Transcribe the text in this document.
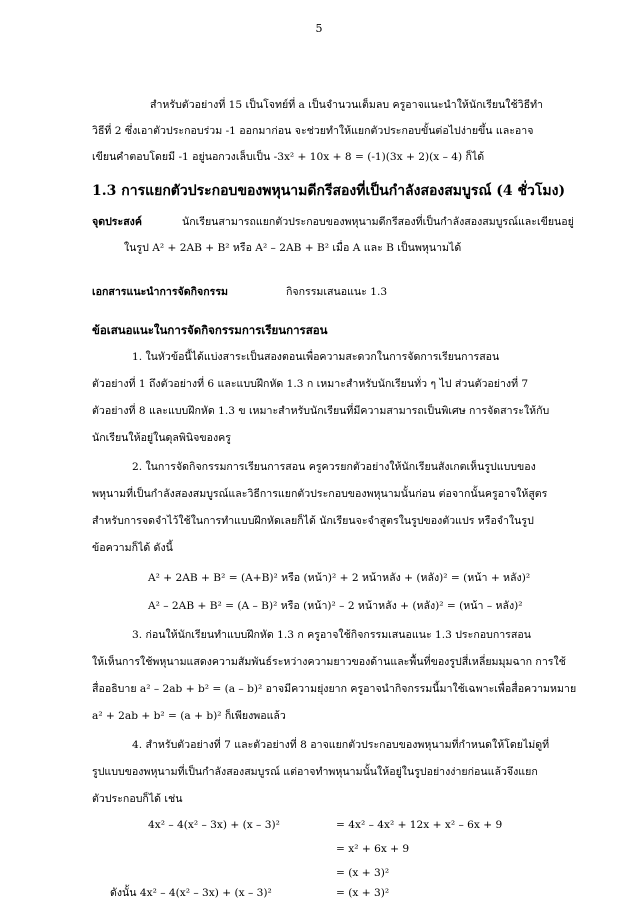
5
สำหรับตัวอย่างที่ 15 เป็นโจทย์ที่ a เป็นจำนวนเต็มลบ ครูอาจแนะนำให้นักเรียนใช้วิธีทำ
วิธีที่ 2 ซึ่งเอาตัวประกอบร่วม -1 ออกมาก่อน จะช่วยทำให้แยกตัวประกอบขั้นต่อไปง่ายขึ้น และอาจ
เขียนคำตอบโดยมี -1 อยู่นอกวงเล็บเป็น -3x² + 10x + 8 = (-1)(3x + 2)(x – 4) ก็ได้
1.3 การแยกตัวประกอบของพหุนามดีกรีสองที่เป็นกำลังสองสมบูรณ์ (4 ชั่วโมง)
จุดประสงค์	นักเรียนสามารถแยกตัวประกอบของพหุนามดีกรีสองที่เป็นกำลังสองสมบูรณ์และเขียนอยู่
ในรูป A² + 2AB + B² หรือ A² – 2AB + B² เมื่อ A และ B เป็นพหุนามได้
เอกสารแนะนำการจัดกิจกรรม	กิจกรรมเสนอแนะ 1.3
ข้อเสนอแนะในการจัดกิจกรรมการเรียนการสอน
1. ในหัวข้อนี้ได้แบ่งสาระเป็นสองตอนเพื่อความสะดวกในการจัดการเรียนการสอน
ตัวอย่างที่ 1 ถึงตัวอย่างที่ 6 และแบบฝึกหัด 1.3 ก เหมาะสำหรับนักเรียนทั่ว ๆ ไป ส่วนตัวอย่างที่ 7
ตัวอย่างที่ 8 และแบบฝึกหัด 1.3 ข เหมาะสำหรับนักเรียนที่มีความสามารถเป็นพิเศษ การจัดสาระให้กับ
นักเรียนให้อยู่ในดุลพินิจของครู
2. ในการจัดกิจกรรมการเรียนการสอน ครูควรยกตัวอย่างให้นักเรียนสังเกตเห็นรูปแบบของ
พหุนามที่เป็นกำลังสองสมบูรณ์และวิธีการแยกตัวประกอบของพหุนามนั้นก่อน ต่อจากนั้นครูอาจให้สูตร
สำหรับการจดจำไว้ใช้ในการทำแบบฝึกหัดเลยก็ได้ นักเรียนจะจำสูตรในรูปของตัวแปร หรือจำในรูป
ข้อความก็ได้ ดังนี้
A² + 2AB + B² = (A+B)² หรือ (หน้า)² + 2 หน้าหลัง + (หลัง)² = (หน้า + หลัง)²
A² – 2AB + B² = (A – B)² หรือ (หน้า)² – 2 หน้าหลัง + (หลัง)² = (หน้า – หลัง)²
3. ก่อนให้นักเรียนทำแบบฝึกหัด 1.3 ก ครูอาจใช้กิจกรรมเสนอแนะ 1.3 ประกอบการสอน
ให้เห็นการใช้พหุนามแสดงความสัมพันธ์ระหว่างความยาวของด้านและพื้นที่ของรูปสี่เหลี่ยมมุมฉาก การใช้
สื่ออธิบาย a² – 2ab + b² = (a – b)² อาจมีความยุ่งยาก ครูอาจนำกิจกรรมนี้มาใช้เฉพาะเพื่อสื่อความหมาย
a² + 2ab + b² = (a + b)² ก็เพียงพอแล้ว
4. สำหรับตัวอย่างที่ 7 และตัวอย่างที่ 8 อาจแยกตัวประกอบของพหุนามที่กำหนดให้โดยไม่ดูที่
รูปแบบของพหุนามที่เป็นกำลังสองสมบูรณ์ แต่อาจทำพหุนามนั้นให้อยู่ในรูปอย่างง่ายก่อนแล้วจึงแยก
ตัวประกอบก็ได้ เช่น
4x² – 4(x² – 3x) + (x – 3)²	= 4x² – 4x² + 12x + x² – 6x + 9
= x² + 6x + 9
= (x + 3)²
ดังนั้น 4x² – 4(x² – 3x) + (x – 3)²	= (x + 3)²
